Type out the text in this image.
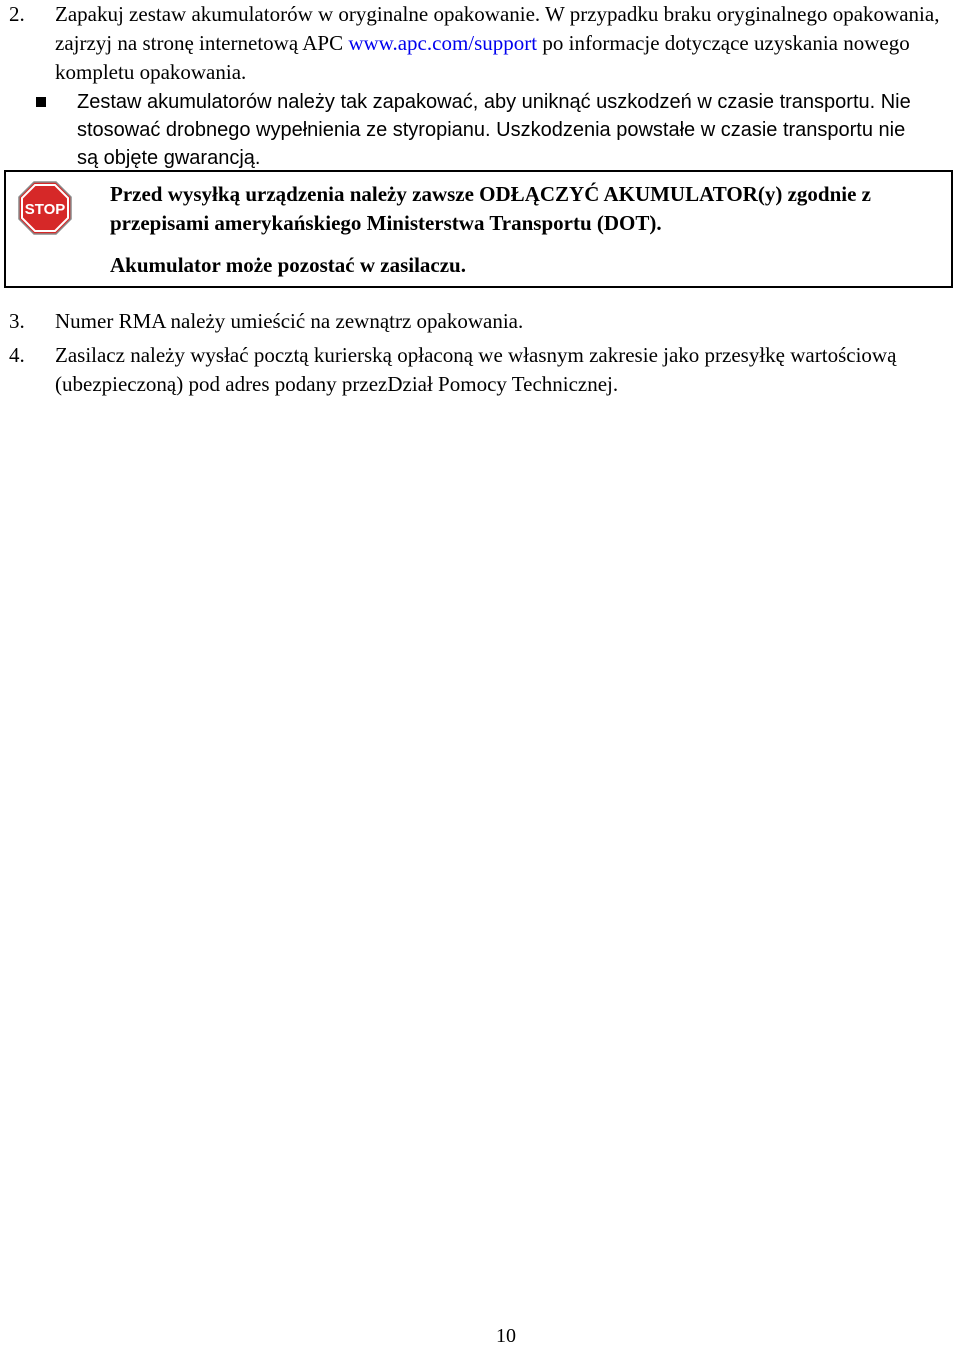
2. Zapakuj zestaw akumulatorów w oryginalne opakowanie. W przypadku braku oryginalnego opakowania, zajrzyj na stronę internetową APC www.apc.com/support po informacje dotyczące uzyskania nowego kompletu opakowania.
Zestaw akumulatorów należy tak zapakować, aby uniknąć uszkodzeń w czasie transportu. Nie stosować drobnego wypełnienia ze styropianu. Uszkodzenia powstałe w czasie transportu nie są objęte gwarancją.
STOP
Przed wysyłką urządzenia należy zawsze ODŁĄCZYĆ AKUMULATOR(y) zgodnie z przepisami amerykańskiego Ministerstwa Transportu (DOT).
Akumulator może pozostać w zasilaczu.
3. Numer RMA należy umieścić na zewnątrz opakowania.
4. Zasilacz należy wysłać pocztą kurierską opłaconą we własnym zakresie jako przesyłkę wartościową (ubezpieczoną) pod adres podany przezDział Pomocy Technicznej.
10
